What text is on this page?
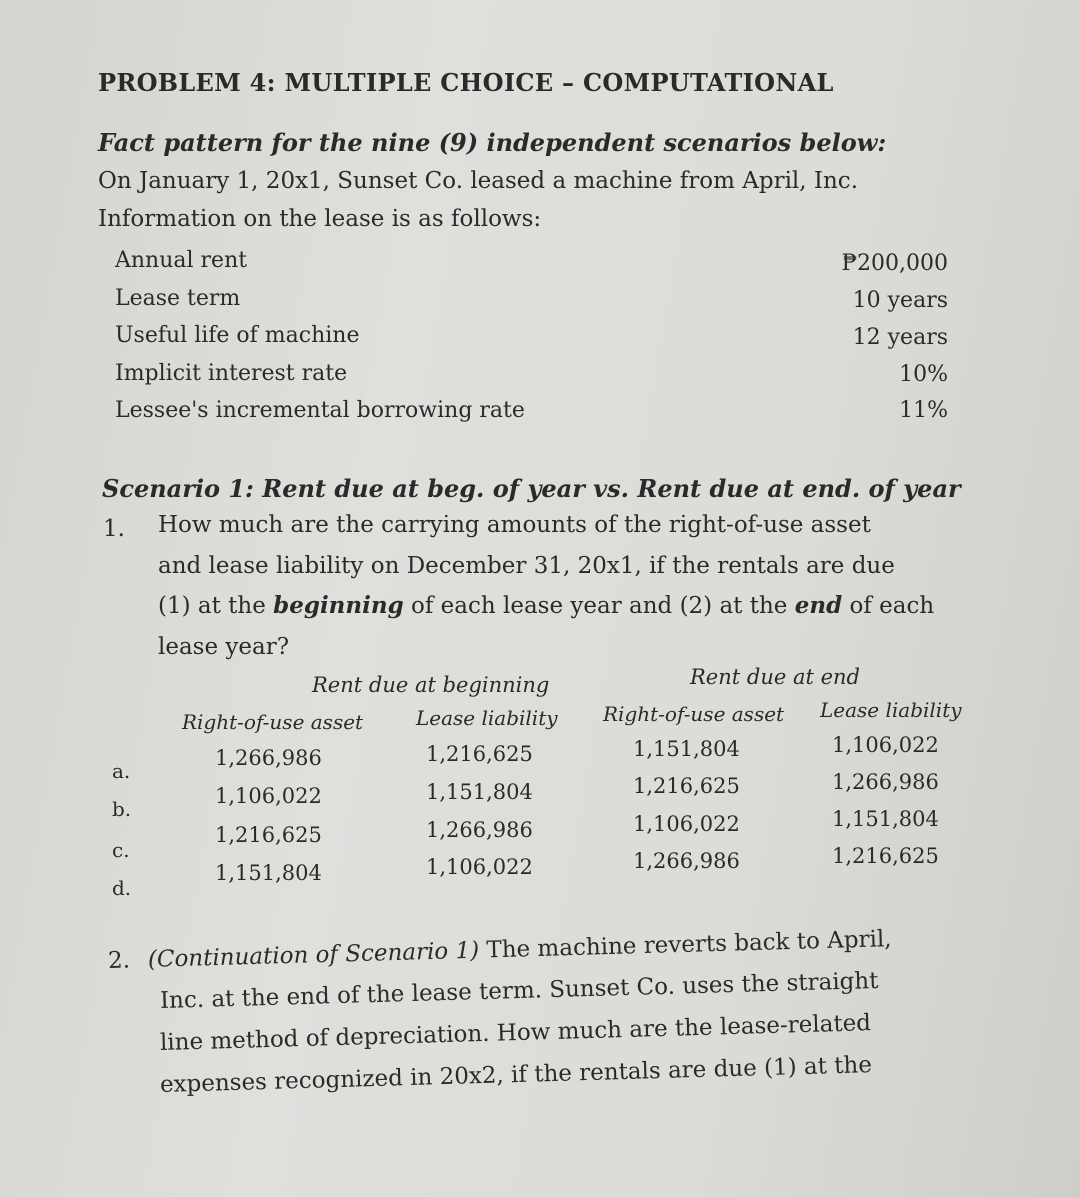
PROBLEM 4: MULTIPLE CHOICE – COMPUTATIONAL
Fact pattern for the nine (9) independent scenarios below:
On January 1, 20x1, Sunset Co. leased a machine from April, Inc.
Information on the lease is as follows:
Annual rent	₱200,000
Lease term	10 years
Useful life of machine	12 years
Implicit interest rate	10%
Lessee's incremental borrowing rate	11%
Scenario 1: Rent due at beg. of year vs. Rent due at end. of year
1. How much are the carrying amounts of the right-of-use asset
and lease liability on December 31, 20x1, if the rentals are due
(1) at the beginning of each lease year and (2) at the end of each
lease year?
Rent due at beginning	Rent due at end
Right-of-use asset	Lease liability Right-of-use asset Lease liability
a.
1,266,986	1,216,625	1,151,804	1,106,022
b.
1,106,022	1,151,804	1,216,625	1,266,986
c.
1,216,625	1,266,986	1,106,022	1,151,804
d.
1,151,804	1,106,022	1,266,986	1,216,625
2. (Continuation of Scenario 1) The machine reverts back to April,
Inc. at the end of the lease term. Sunset Co. uses the straight
line method of depreciation. How much are the lease-related
expenses recognized in 20x2, if the rentals are due (1) at the
